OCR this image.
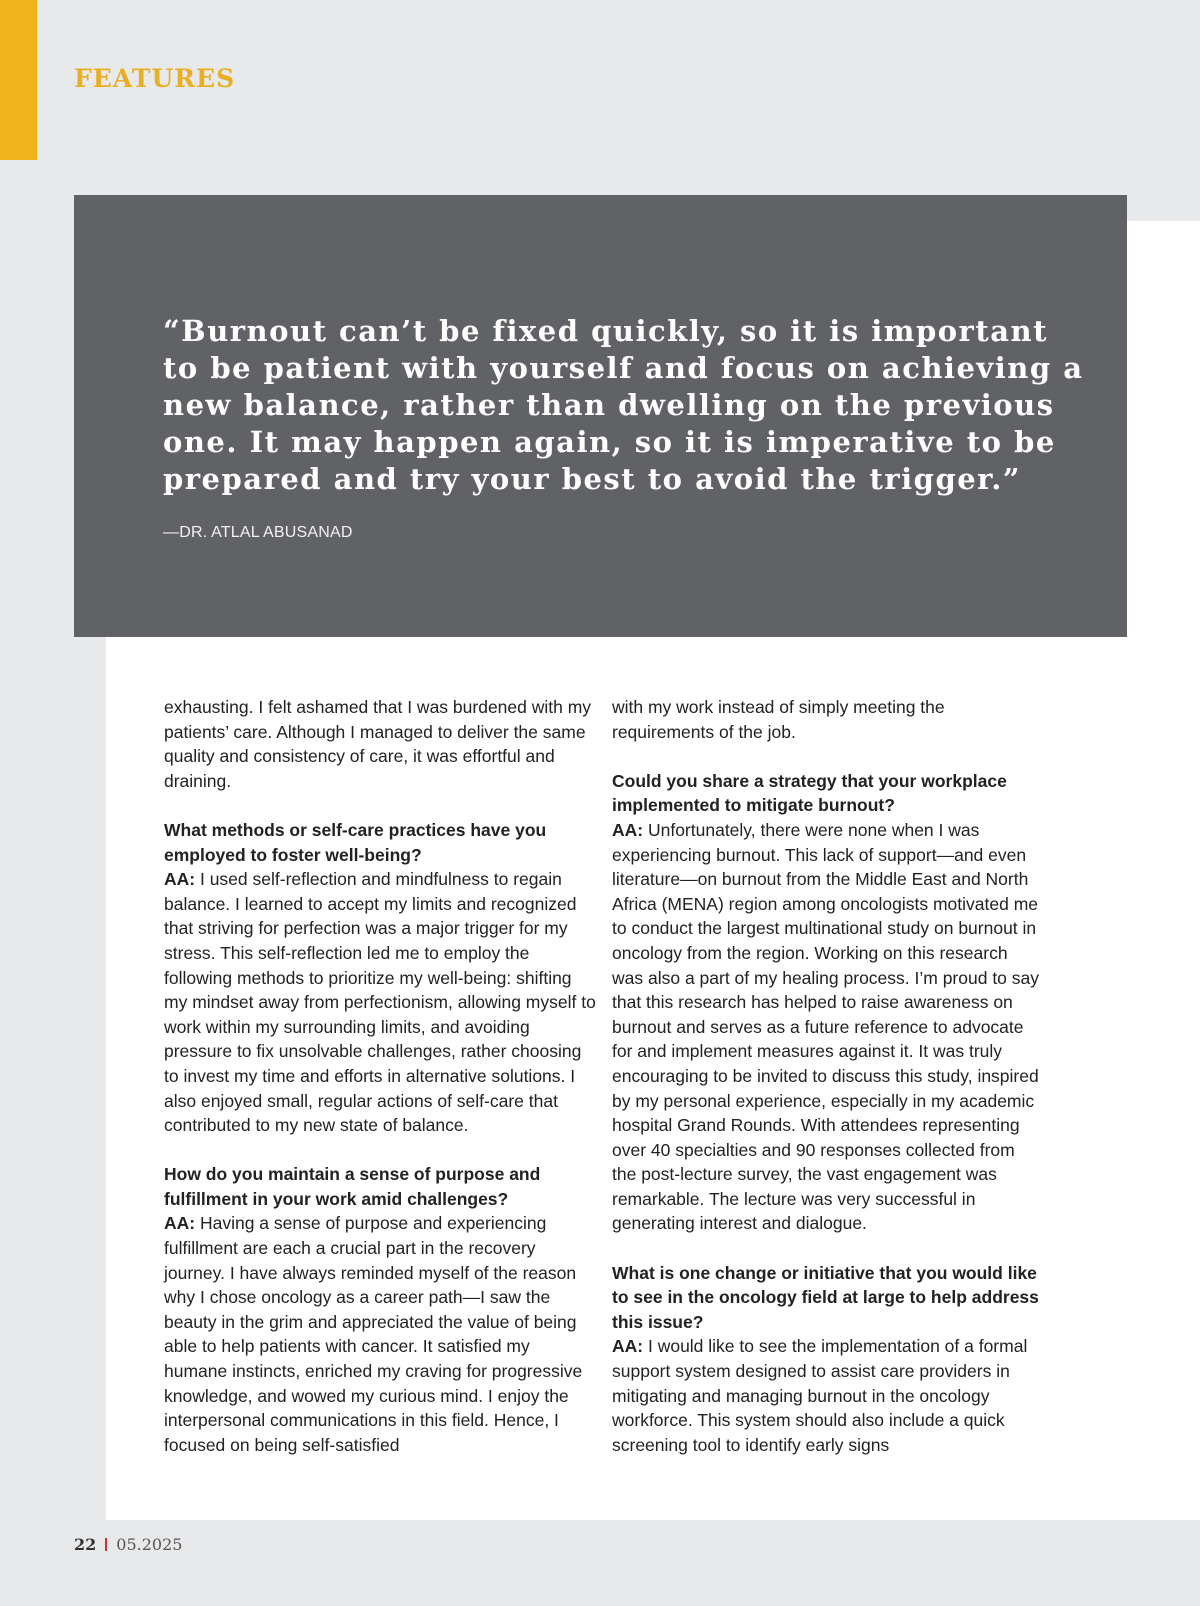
FEATURES

“Burnout can’t be fixed quickly, so it is important to be patient with yourself and focus on achieving a new balance, rather than dwelling on the previous one. It may happen again, so it is imperative to be prepared and try your best to avoid the trigger.”

—DR. ATLAL ABUSANAD

exhausting. I felt ashamed that I was burdened with my patients’ care. Although I managed to deliver the same quality and consistency of care, it was effortful and draining.

What methods or self-care practices have you employed to foster well-being?

AA: I used self-reflection and mindfulness to regain balance. I learned to accept my limits and recognized that striving for perfection was a major trigger for my stress. This self-reflection led me to employ the following methods to prioritize my well-being: shifting my mindset away from perfectionism, allowing myself to work within my surrounding limits, and avoiding pressure to fix unsolvable challenges, rather choosing to invest my time and efforts in alternative solutions. I also enjoyed small, regular actions of self-care that contributed to my new state of balance.

How do you maintain a sense of purpose and fulfillment in your work amid challenges?

AA: Having a sense of purpose and experiencing fulfillment are each a crucial part in the recovery journey. I have always reminded myself of the reason why I chose oncology as a career path—I saw the beauty in the grim and appreciated the value of being able to help patients with cancer. It satisfied my humane instincts, enriched my craving for progressive knowledge, and wowed my curious mind. I enjoy the interpersonal communications in this field. Hence, I focused on being self-satisfied

with my work instead of simply meeting the requirements of the job.

Could you share a strategy that your workplace implemented to mitigate burnout?

AA: Unfortunately, there were none when I was experiencing burnout. This lack of support—and even literature—on burnout from the Middle East and North Africa (MENA) region among oncologists motivated me to conduct the largest multinational study on burnout in oncology from the region. Working on this research was also a part of my healing process. I’m proud to say that this research has helped to raise awareness on burnout and serves as a future reference to advocate for and implement measures against it. It was truly encouraging to be invited to discuss this study, inspired by my personal experience, especially in my academic hospital Grand Rounds. With attendees representing over 40 specialties and 90 responses collected from the post-lecture survey, the vast engagement was remarkable. The lecture was very successful in generating interest and dialogue.

What is one change or initiative that you would like to see in the oncology field at large to help address this issue?

AA: I would like to see the implementation of a formal support system designed to assist care providers in mitigating and managing burnout in the oncology workforce. This system should also include a quick screening tool to identify early signs

22 05.2025
